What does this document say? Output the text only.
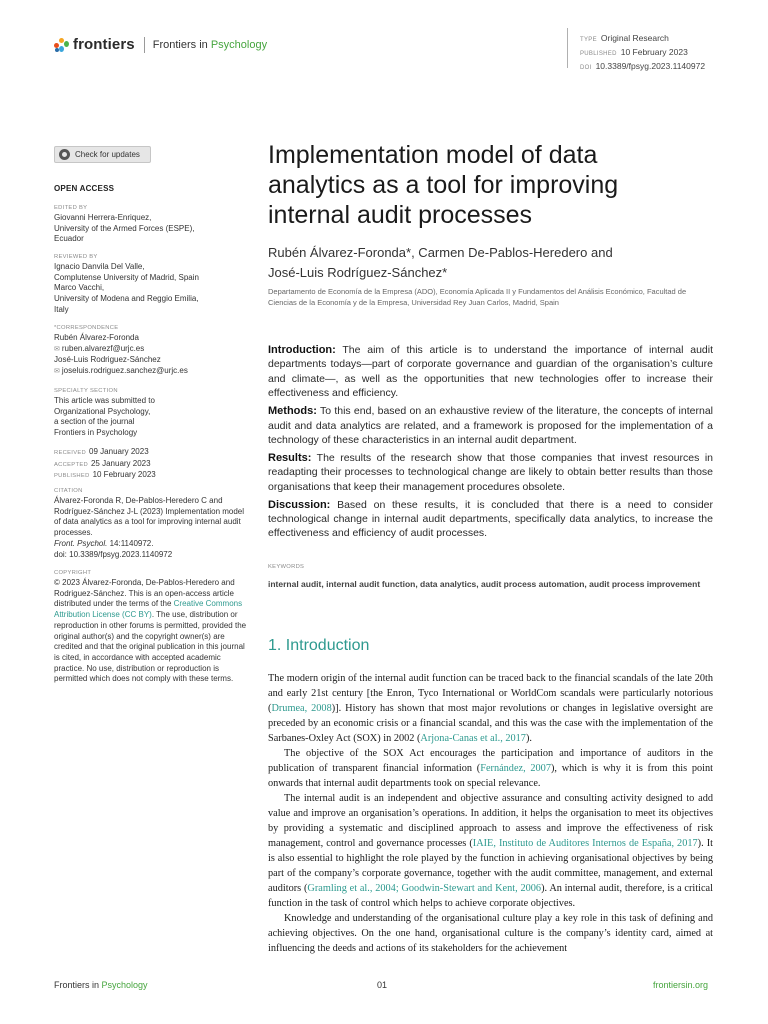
frontiers Frontiers in Psychology	TYPE Original Research
PUBLISHED 10 February 2023
DOI 10.3389/fpsyg.2023.1140972
Check for updates
OPEN ACCESS
EDITED BY
Giovanni Herrera-Enriquez,
University of the Armed Forces (ESPE),
Ecuador
REVIEWED BY
Ignacio Danvila Del Valle,
Complutense University of Madrid, Spain
Marco Vacchi,
University of Modena and Reggio Emilia,
Italy
*CORRESPONDENCE
Rubén Álvarez-Foronda
✉ ruben.alvarezf@urjc.es
José-Luis Rodriguez-Sánchez
✉ joseluis.rodriguez.sanchez@urjc.es
SPECIALTY SECTION
This article was submitted to
Organizational Psychology,
a section of the journal
Frontiers in Psychology
RECEIVED 09 January 2023
ACCEPTED 25 January 2023
PUBLISHED 10 February 2023
CITATION
Álvarez-Foronda R, De-Pablos-Heredero C and Rodríguez-Sánchez J-L (2023) Implementation model of data analytics as a tool for improving internal audit processes.
Front. Psychol. 14:1140972.
doi: 10.3389/fpsyg.2023.1140972
COPYRIGHT
© 2023 Álvarez-Foronda, De-Pablos-Heredero and Rodriguez-Sánchez. This is an open-access article distributed under the terms of the Creative Commons Attribution License (CC BY). The use, distribution or reproduction in other forums is permitted, provided the original author(s) and the copyright owner(s) are credited and that the original publication in this journal is cited, in accordance with accepted academic practice. No use, distribution or reproduction is permitted which does not comply with these terms.
Implementation model of data analytics as a tool for improving internal audit processes
Rubén Álvarez-Foronda*, Carmen De-Pablos-Heredero and
José-Luis Rodríguez-Sánchez*
Departamento de Economía de la Empresa (ADO), Economía Aplicada II y Fundamentos del Análisis Económico, Facultad de Ciencias de la Economía y de la Empresa, Universidad Rey Juan Carlos, Madrid, Spain

Introduction: The aim of this article is to understand the importance of internal audit departments todays—part of corporate governance and guardian of the organisation’s culture and climate—, as well as the opportunities that new technologies offer to increase their effectiveness and efficiency.

Methods: To this end, based on an exhaustive review of the literature, the concepts of internal audit and data analytics are related, and a framework is proposed for the implementation of a technology of these characteristics in an internal audit department.

Results: The results of the research show that those companies that invest resources in readapting their processes to technological change are likely to obtain better results than those organisations that keep their management procedures obsolete.

Discussion: Based on these results, it is concluded that there is a need to consider technological change in internal audit departments, specifically data analytics, to increase the effectiveness and efficiency of audit processes.

KEYWORDS
internal audit, internal audit function, data analytics, audit process automation, audit process improvement
1. Introduction

The modern origin of the internal audit function can be traced back to the financial scandals of the late 20th and early 21st century [the Enron, Tyco International or WorldCom scandals were particularly notorious (Drumea, 2008)]. History has shown that most major revolutions or changes in legislative oversight are preceded by an economic crisis or a financial scandal, and this was the case with the implementation of the Sarbanes-Oxley Act (SOX) in 2002 (Arjona-Canas et al., 2017).

The objective of the SOX Act encourages the participation and importance of auditors in the publication of transparent financial information (Fernández, 2007), which is why it is from this point onwards that internal audit departments took on special relevance.

The internal audit is an independent and objective assurance and consulting activity designed to add value and improve an organisation’s operations. In addition, it helps the organisation to meet its objectives by providing a systematic and disciplined approach to assess and improve the effectiveness of risk management, control and governance processes (IAIE, Instituto de Auditores Internos de España, 2017). It is also essential to highlight the role played by the function in achieving organisational objectives by being part of the company’s corporate governance, together with the audit committee, management, and external auditors (Gramling et al., 2004; Goodwin-Stewart and Kent, 2006). An internal audit, therefore, is a critical function in the task of control which helps to achieve corporate objectives.

Knowledge and understanding of the organisational culture play a key role in this task of defining and achieving objectives. On the one hand, organisational culture is the company’s identity card, aimed at influencing the deeds and actions of its stakeholders for the achievement

Frontiers in Psychology	01	frontiersin.org
